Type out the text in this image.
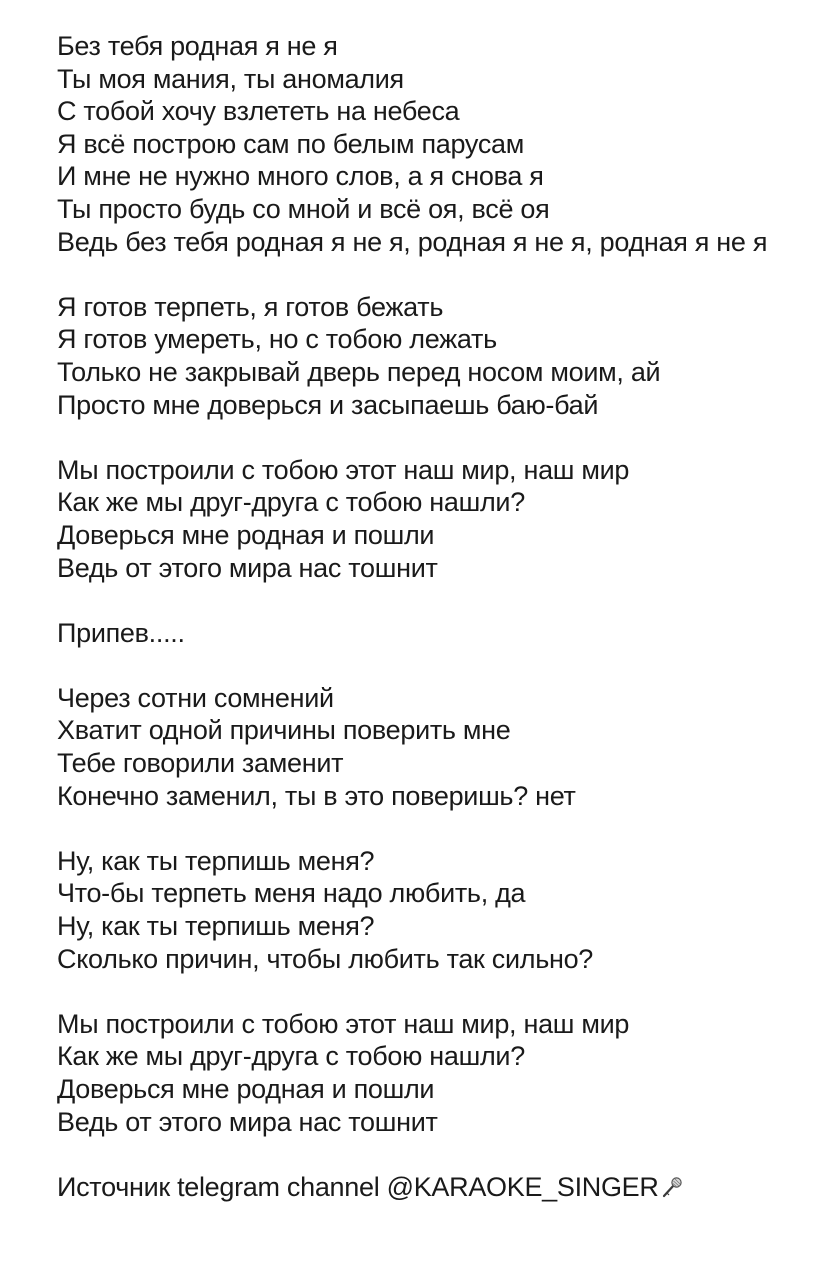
Без тебя родная я не я
Ты моя мания, ты аномалия
С тобой хочу взлететь на небеса
Я всё построю сам по белым парусам
И мне не нужно много слов, а я снова я
Ты просто будь со мной и всё оя, всё оя
Ведь без тебя родная я не я, родная я не я, родная я не я
Я готов терпеть, я готов бежать
Я готов умереть, но с тобою лежать
Только не закрывай дверь перед носом моим, ай
Просто мне доверься и засыпаешь баю-бай
Мы построили с тобою этот наш мир, наш мир
Как же мы друг-друга с тобою нашли?
Доверься мне родная и пошли
Ведь от этого мира нас тошнит
Припев.....
Через сотни сомнений
Хватит одной причины поверить мне
Тебе говорили заменит
Конечно заменил, ты в это поверишь? нет
Ну, как ты терпишь меня?
Что-бы терпеть меня надо любить, да
Ну, как ты терпишь меня?
Сколько причин, чтобы любить так сильно?
Мы построили с тобою этот наш мир, наш мир
Как же мы друг-друга с тобою нашли?
Доверься мне родная и пошли
Ведь от этого мира нас тошнит
Источник telegram channel @KARAOKE_SINGER
